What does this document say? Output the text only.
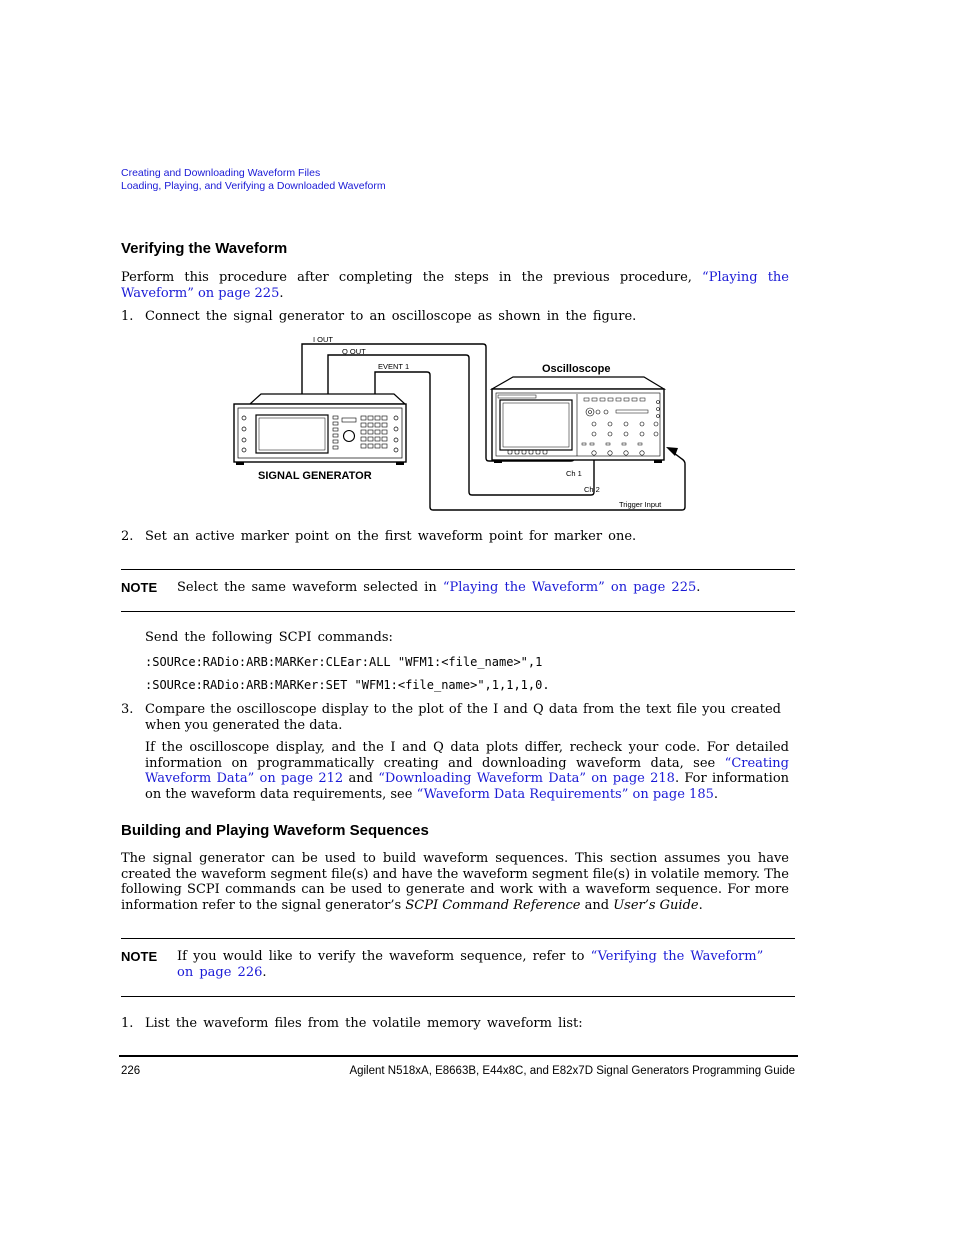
Creating and Downloading Waveform Files
Loading, Playing, and Verifying a Downloaded Waveform
Verifying the Waveform
Perform this procedure after completing the steps in the previous procedure, “Playing the Waveform” on page 225.
1. Connect the signal generator to an oscilloscope as shown in the figure.
I OUT
Q OUT
EVENT 1
Ch 1
Ch 2
Trigger Input
SIGNAL GENERATOR
Oscilloscope
2. Set an active marker point on the first waveform point for marker one.
NOTE Select the same waveform selected in “Playing the Waveform” on page 225.
Send the following SCPI commands:
:SOURce:RADio:ARB:MARKer:CLEar:ALL "WFM1:<file_name>",1
:SOURce:RADio:ARB:MARKer:SET "WFM1:<file_name>",1,1,1,0.
3. Compare the oscilloscope display to the plot of the I and Q data from the text file you created when you generated the data.
If the oscilloscope display, and the I and Q data plots differ, recheck your code. For detailed information on programmatically creating and downloading waveform data, see “Creating Waveform Data” on page 212 and “Downloading Waveform Data” on page 218. For information on the waveform data requirements, see “Waveform Data Requirements” on page 185.
Building and Playing Waveform Sequences
The signal generator can be used to build waveform sequences. This section assumes you have created the waveform segment file(s) and have the waveform segment file(s) in volatile memory. The following SCPI commands can be used to generate and work with a waveform sequence. For more information refer to the signal generator’s SCPI Command Reference and User’s Guide.
NOTE If you would like to verify the waveform sequence, refer to “Verifying the Waveform” on page 226.
1. List the waveform files from the volatile memory waveform list:
226	Agilent N518xA, E8663B, E44x8C, and E82x7D Signal Generators Programming Guide
